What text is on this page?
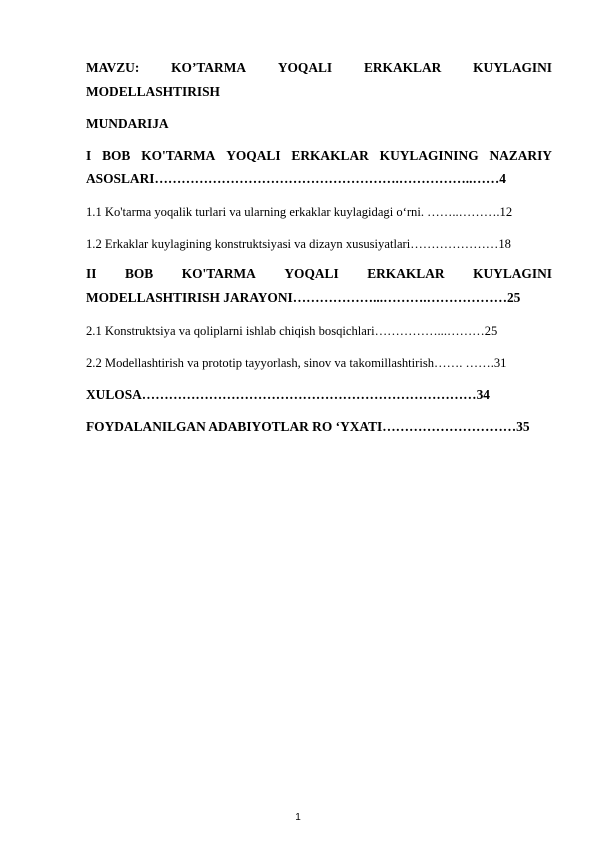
MAVZU: KO’TARMA YOQALI ERKAKLAR KUYLAGINI
MODELLASHTIRISH
MUNDARIJA
I BOB KO'TARMA YOQALI ERKAKLAR KUYLAGINING NAZARIY
ASOSLARI……………………………………………….……………..……4
1.1 Ko'tarma yoqalik turlari va ularning erkaklar kuylagidagi o‘rni. ……..……….12
1.2 Erkaklar kuylagining konstruktsiyasi va dizayn xususiyatlari…………………18
II BOB KO'TARMA YOQALI ERKAKLAR KUYLAGINI
MODELLASHTIRISH JARAYONI………………...……….………………25
2.1 Konstruktsiya va qoliplarni ishlab chiqish bosqichlari……………...………25
2.2 Modellashtirish va prototip tayyorlash, sinov va takomillashtirish……. …….31
XULOSA…………………………………………………………………34
FOYDALANILGAN ADABIYOTLAR RO ‘YXATI…………………………35
1
